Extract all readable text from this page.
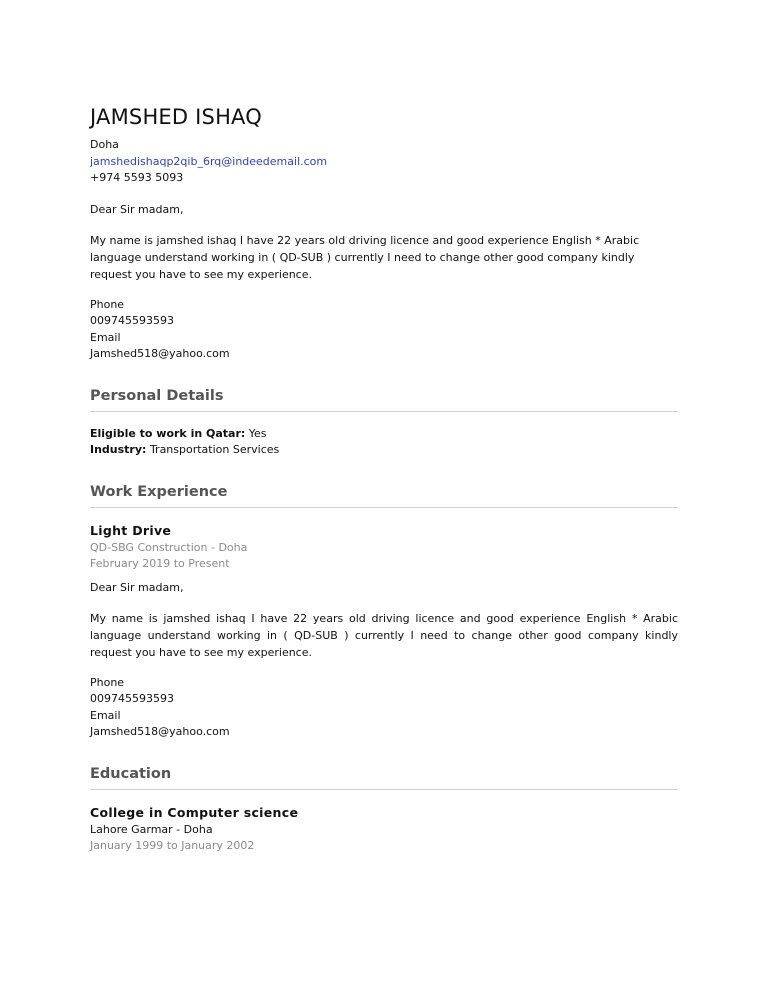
JAMSHED ISHAQ

Doha

jamshedishaqp2qib_6rq@indeedemail.com

+974 5593 5093

Dear Sir madam,

My name is jamshed ishaq I have 22 years old driving licence and good experience English * Arabic language understand working in ( QD-SUB ) currently I need to change other good company kindly request you have to see my experience.

Phone

009745593593

Email

Jamshed518@yahoo.com

Personal Details

Eligible to work in Qatar: Yes

Industry: Transportation Services

Work Experience

Light Drive

QD-SBG Construction - Doha

February 2019 to Present

Dear Sir madam,

My name is jamshed ishaq I have 22 years old driving licence and good experience English * Arabic language understand working in ( QD-SUB ) currently I need to change other good company kindly request you have to see my experience.

Phone

009745593593

Email

Jamshed518@yahoo.com

Education

College in Computer science

Lahore Garmar - Doha

January 1999 to January 2002
